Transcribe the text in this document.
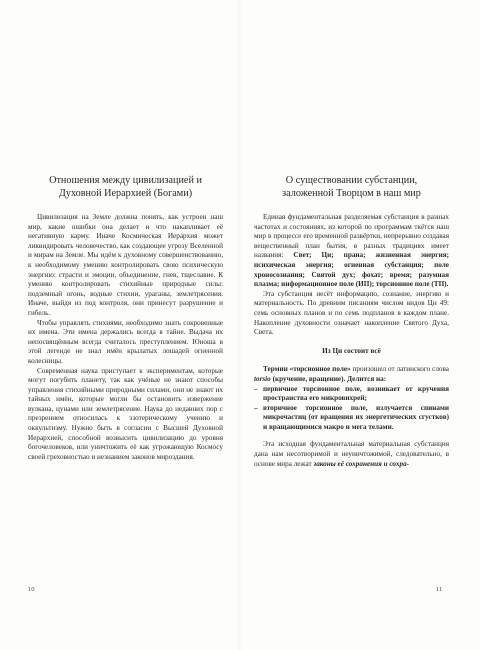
Отношения между цивилизацией и
Духовной Иерархией (Богами)

Цивилизация на Земле должна понять, как устроен наш мир, какие ошибки она делает и что накапливает её негативную карму. Иначе Космическая Иерархия может ликвидировать человечество, как создающее угрозу Вселенной и мирам на Земле. Мы идём к духовному совершенствованию, к необходимому умению контролировать свою психическую энергию: страсти и эмоции, объединение, гнев, тщеславие. К умению контролировать стихийные природные силы: подземный огонь, водные стихии, ураганы, землетрясения. Иначе, выйдя из под контроля, они принесут разрушение и гибель.

Чтобы управлять стихиями, необходимо знать сокровенные их имена. Эти имена держались всегда в тайне. Выдача их непосвящённым всегда считалось преступлением. Юноша в этой легенде не знал имён крылатых лошадей огненной колесницы.

Современная наука приступает к экспериментам, которые могут погубить планету, так как учёные не знают способы управления стихийными природными силами, они не знают их тайных имён, которые могли бы остановить извержение вулкана, цунами или землетрясение. Наука до недавних пор с презрением относилась к эзотерическому учению и оккультизму. Нужно быть в согласии с Высшей Духовной Иерархией, способной возвысить цивилизацию до уровня богочеловеков, или уничтожить её как угрожающую Космосу своей греховностью и незнанием законов мироздания.

10
О существовании субстанции,
заложенной Творцом в наш мир

Единая фундаментальная разделяемая субстанция в разных частотах и состояниях, из которой по программам ткётся наш мир в процессе его временной развёртки, непрерывно создавая вещественный план бытия, в разных традициях имеет названия: Свет; Ци; прана; жизненная энергия; психическая энергия; огненная субстанция; поле хроносознания; Святой дух; фохат; время; разумная плазма; информационное поле (ИП); торсионное поле (ТП).

Эта субстанция несёт информацию, сознание, энергию и материальность. По древним писаниям числом видов Ци 49: семь основных планов и по семь подпланов в каждом плане. Накопление духовности означает накопление Святого Духа, Света.

Из Ци состоит всё

Термин «торсионное поле» произошел от латинского слова torsio (кручение, вращение). Делится на:

– первичное торсионное поле, возникает от кручения пространства его микровихрей;
– вторичное торсионное поле, излучается спинами микрочастиц (от вращения их энергетических сгустков) и вращающимися макро и мега телами.

Эта исходная фундаментальная материальная субстанция дана нам несотворимой и неуничтожимой, следовательно, в основе мира лежат законы её сохранения и сохра-

11
